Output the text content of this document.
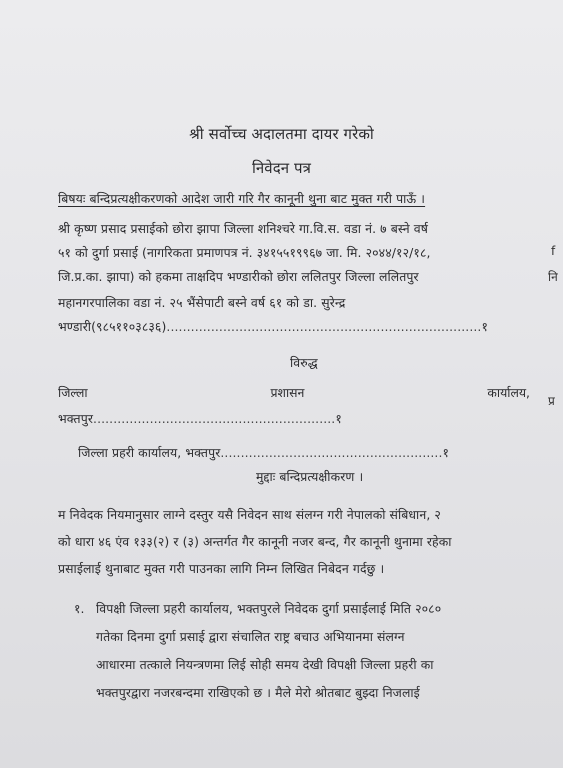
श्री सर्वोच्च अदालतमा दायर गरेको
निवेदन पत्र
बिषयः बन्दिप्रत्यक्षीकरणको आदेश जारी गरि गैर कानूनी थुना बाट मुक्त गरी पाऊँ ।
श्री कृष्ण प्रसाद प्रसाईको छोरा झापा जिल्ला शनिश्चरे गा.वि.स. वडा नं. ७ बस्ने वर्ष
५१ को दुर्गा प्रसाई (नागरिकता प्रमाणपत्र नं. ३४१५५१९९६७ जा. मि. २०४४/१२/१८,
जि.प्र.का. झापा) को हकमा ताक्षदिप भण्डारीको छोरा ललितपुर जिल्ला ललितपुर
महानगरपालिका वडा नं. २५ भैंसेपाटी बस्ने वर्ष ६१ को डा. सुरेन्द्र
भण्डारी(९८५११०३८३६)..............................................................................१
विरुद्ध
जिल्ला	प्रशासन	कार्यालय,
भक्तपुर............................................................१
जिल्ला प्रहरी कार्यालय, भक्तपुर.......................................................१
मुद्दाः बन्दिप्रत्यक्षीकरण ।
म निवेदक नियमानुसार लाग्ने दस्तुर यसै निवेदन साथ संलग्न गरी नेपालको संबिधान, २
को धारा ४६ एंव १३३(२) र (३) अन्तर्गत गैर कानूनी नजर बन्द, गैर कानूनी थुनामा रहेका
प्रसाईलाई थुनाबाट मुक्त गरी पाउनका लागि निम्न लिखित निबेदन गर्दछु ।
१. विपक्षी जिल्ला प्रहरी कार्यालय, भक्तपुरले निवेदक दुर्गा प्रसाईलाई मिति २०८०
गतेका दिनमा दुर्गा प्रसाई द्वारा संचालित राष्ट्र बचाउ अभियानमा संलग्न
आधारमा तत्काले नियन्त्रणमा लिई सोही समय देखी विपक्षी जिल्ला प्रहरी का
भक्तपुरद्वारा नजरबन्दमा राखिएको छ । मैले मेरो श्रोतबाट बुझ्दा निजलाई
f
नि
प्र
